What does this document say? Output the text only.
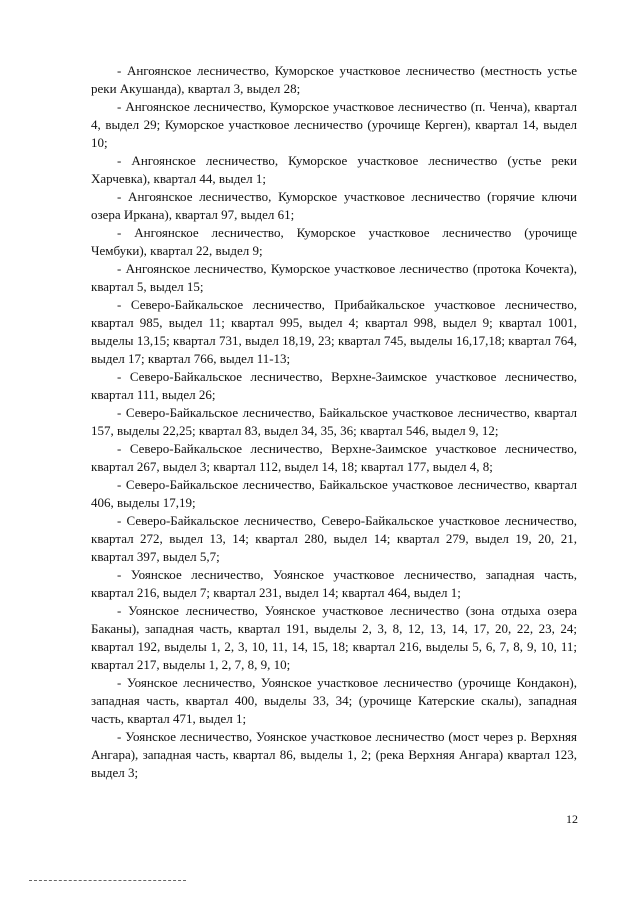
- Ангоянское лесничество, Куморское участковое лесничество (местность устье реки Акушанда), квартал 3, выдел 28;

- Ангоянское лесничество, Куморское участковое лесничество (п. Ченча), квартал 4, выдел 29; Куморское участковое лесничество (урочище Керген), квартал 14, выдел 10;

- Ангоянское лесничество, Куморское участковое лесничество (устье реки Харчевка), квартал 44, выдел 1;

- Ангоянское лесничество, Куморское участковое лесничество (горячие ключи озера Иркана), квартал 97, выдел 61;

- Ангоянское лесничество, Куморское участковое лесничество (урочище Чембуки), квартал 22, выдел 9;

- Ангоянское лесничество, Куморское участковое лесничество (протока Кочекта), квартал 5, выдел 15;

- Северо-Байкальское лесничество, Прибайкальское участковое лесничество, квартал 985, выдел 11; квартал 995, выдел 4; квартал 998, выдел 9; квартал 1001, выделы 13,15; квартал 731, выдел 18,19, 23; квартал 745, выделы 16,17,18; квартал 764, выдел 17; квартал 766, выдел 11-13;

- Северо-Байкальское лесничество, Верхне-Заимское участковое лесничество, квартал 111, выдел 26;

- Северо-Байкальское лесничество, Байкальское участковое лесничество, квартал 157, выделы 22,25; квартал 83, выдел 34, 35, 36; квартал 546, выдел 9, 12;

- Северо-Байкальское лесничество, Верхне-Заимское участковое лесничество, квартал 267, выдел 3; квартал 112, выдел 14, 18; квартал 177, выдел 4, 8;

- Северо-Байкальское лесничество, Байкальское участковое лесничество, квартал 406, выделы 17,19;

- Северо-Байкальское лесничество, Северо-Байкальское участковое лесничество, квартал 272, выдел 13, 14; квартал 280, выдел 14; квартал 279, выдел 19, 20, 21, квартал 397, выдел 5,7;

- Уоянское лесничество, Уоянское участковое лесничество, западная часть, квартал 216, выдел 7; квартал 231, выдел 14; квартал 464, выдел 1;

- Уоянское лесничество, Уоянское участковое лесничество (зона отдыха озера Баканы), западная часть, квартал 191, выделы 2, 3, 8, 12, 13, 14, 17, 20, 22, 23, 24; квартал 192, выделы 1, 2, 3, 10, 11, 14, 15, 18; квартал 216, выделы 5, 6, 7, 8, 9, 10, 11; квартал 217, выделы 1, 2, 7, 8, 9, 10;

- Уоянское лесничество, Уоянское участковое лесничество (урочище Кондакон), западная часть, квартал 400, выделы 33, 34; (урочище Катерские скалы), западная часть, квартал 471, выдел 1;

- Уоянское лесничество, Уоянское участковое лесничество (мост через р. Верхняя Ангара), западная часть, квартал 86, выделы 1, 2; (река Верхняя Ангара) квартал 123, выдел 3;

12
